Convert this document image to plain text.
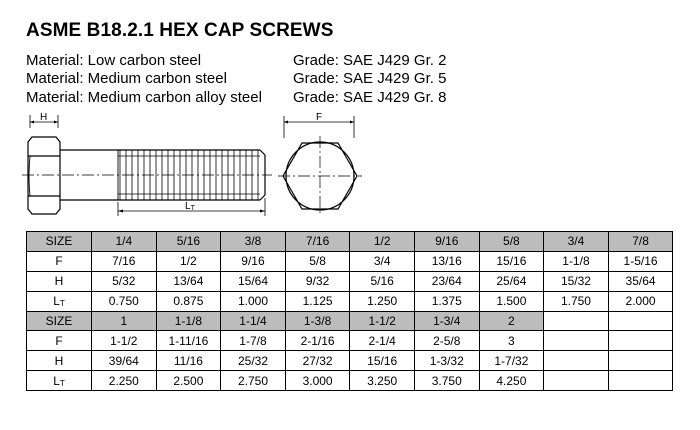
ASME B18.2.1 HEX CAP SCREWS
Material: Low carbon steel	Grade: SAE J429 Gr. 2
Material: Medium carbon steel	Grade: SAE J429 Gr. 5
Material: Medium carbon alloy steel Grade: SAE J429 Gr. 8
H
LT
F
SIZE	1/4	5/16	3/8	7/16	1/2	9/16	5/8	3/4	7/8
F	7/16	1/2	9/16	5/8	3/4	13/16	15/16	1-1/8	1-5/16
H	5/32	13/64	15/64	9/32	5/16	23/64	25/64	15/32	35/64
LT	0.750	0.875	1.000	1.125	1.250	1.375	1.500	1.750	2.000
SIZE	1	1-1/8	1-1/4	1-3/8	1-1/2	1-3/4	2		
F	1-1/2	1-11/16	1-7/8	2-1/16	2-1/4	2-5/8	3		
H	39/64	11/16	25/32	27/32	15/16	1-3/32	1-7/32		
LT	2.250	2.500	2.750	3.000	3.250	3.750	4.250		
